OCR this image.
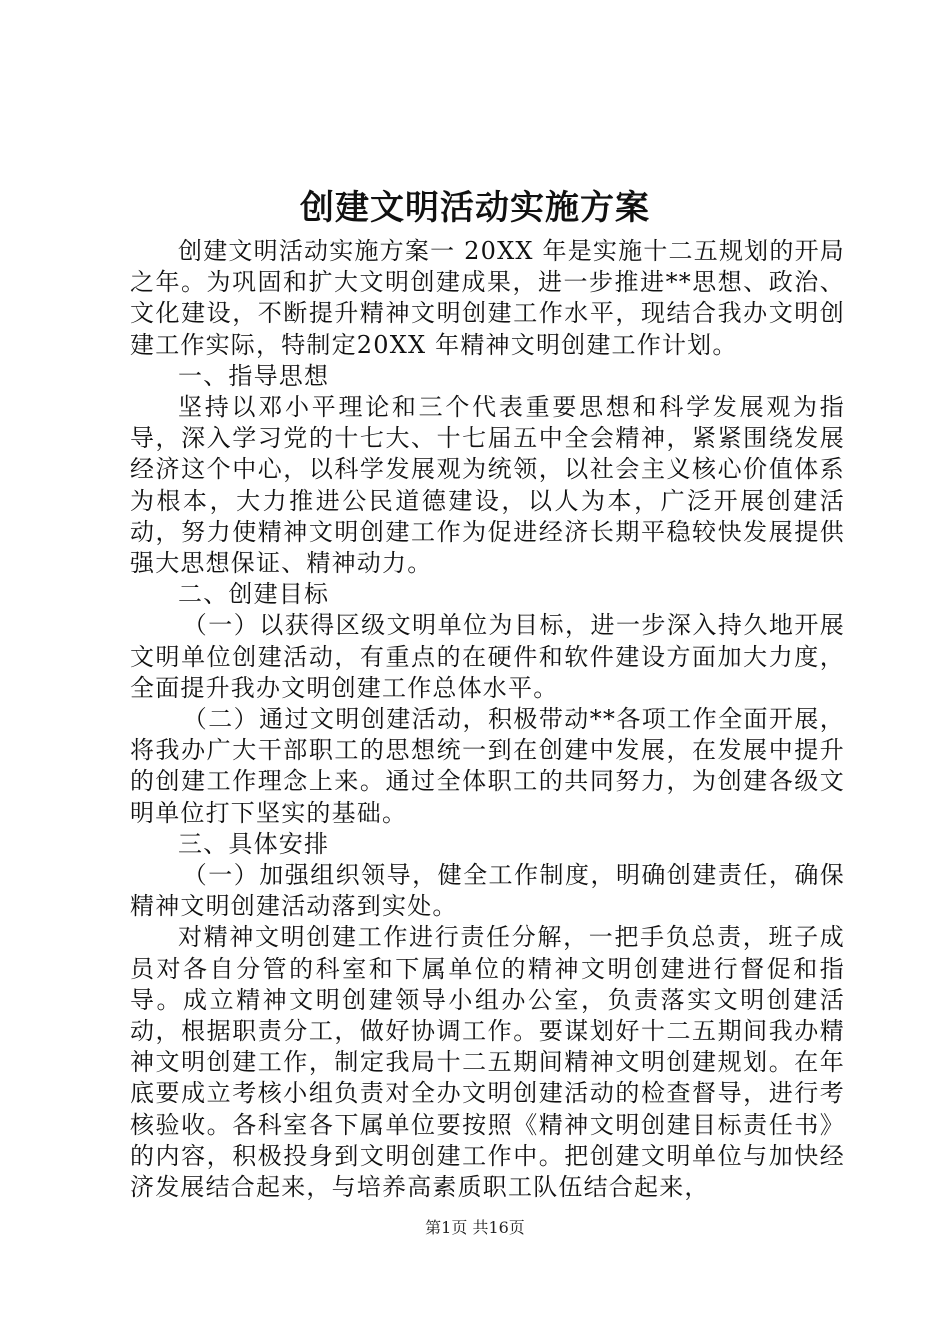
创建文明活动实施方案

创建文明活动实施方案一 20XX 年是实施十二五规划的开局之年。为巩固和扩大文明创建成果，进一步推进**思想、政治、文化建设，不断提升精神文明创建工作水平，现结合我办文明创建工作实际，特制定20XX 年精神文明创建工作计划。

一、指导思想

坚持以邓小平理论和三个代表重要思想和科学发展观为指导，深入学习党的十七大、十七届五中全会精神，紧紧围绕发展经济这个中心，以科学发展观为统领，以社会主义核心价值体系为根本，大力推进公民道德建设，以人为本，广泛开展创建活动，努力使精神文明创建工作为促进经济长期平稳较快发展提供强大思想保证、精神动力。

二、创建目标

（一）以获得区级文明单位为目标，进一步深入持久地开展文明单位创建活动，有重点的在硬件和软件建设方面加大力度，全面提升我办文明创建工作总体水平。

（二）通过文明创建活动，积极带动**各项工作全面开展，将我办广大干部职工的思想统一到在创建中发展，在发展中提升的创建工作理念上来。通过全体职工的共同努力，为创建各级文明单位打下坚实的基础。

三、具体安排

（一）加强组织领导，健全工作制度，明确创建责任，确保精神文明创建活动落到实处。

对精神文明创建工作进行责任分解，一把手负总责，班子成员对各自分管的科室和下属单位的精神文明创建进行督促和指导。成立精神文明创建领导小组办公室，负责落实文明创建活动，根据职责分工，做好协调工作。要谋划好十二五期间我办精神文明创建工作，制定我局十二五期间精神文明创建规划。在年底要成立考核小组负责对全办文明创建活动的检查督导，进行考核验收。各科室各下属单位要按照《精神文明创建目标责任书》的内容，积极投身到文明创建工作中。把创建文明单位与加快经济发展结合起来，与培养高素质职工队伍结合起来，

第1页 共16页
